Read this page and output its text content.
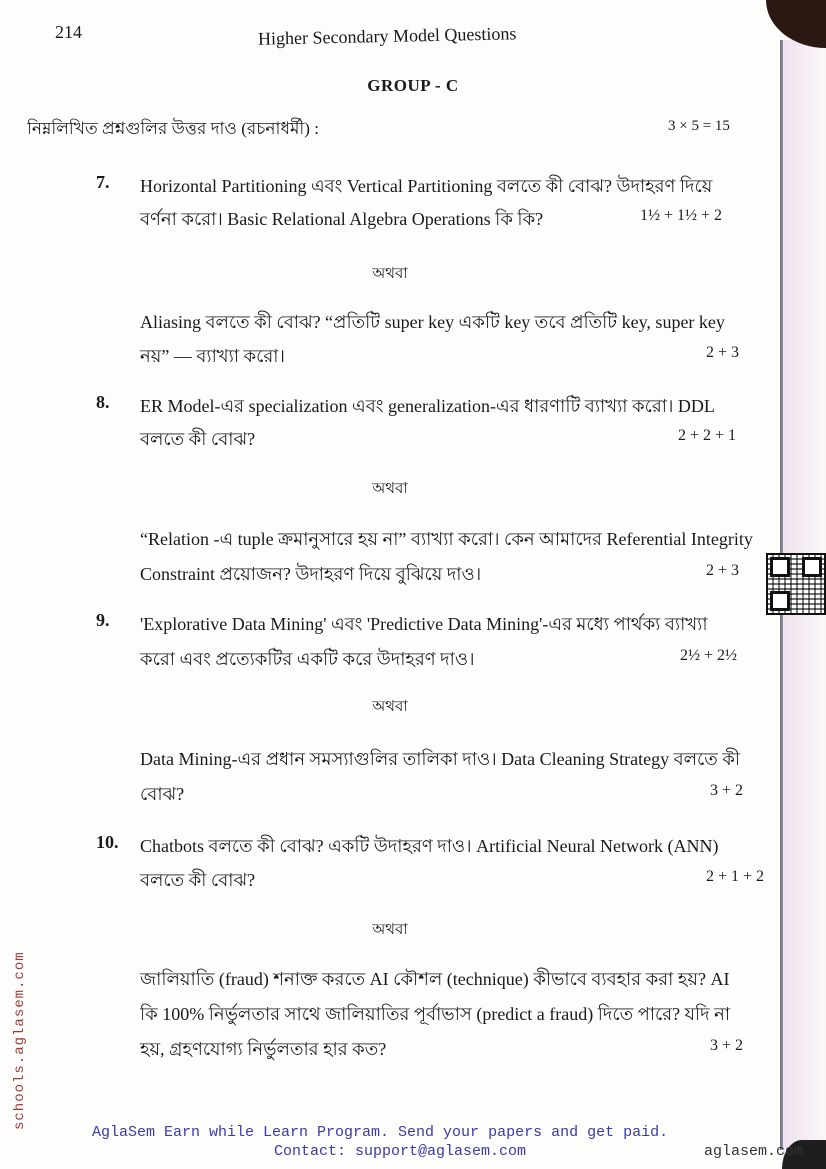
214	Higher Secondary Model Questions
GROUP - C
নিম্নলিখিত প্রশ্নগুলির উত্তর দাও (রচনাধর্মী) :	3 × 5 = 15
7. Horizontal Partitioning এবং Vertical Partitioning বলতে কী বোঝ? উদাহরণ দিয়ে
বর্ণনা করো। Basic Relational Algebra Operations কি কি?	1½ + 1½ + 2
অথবা
Aliasing বলতে কী বোঝ? “প্রতিটি super key একটি key তবে প্রতিটি key, super key
নয়” — ব্যাখ্যা করো।	2 + 3
8. ER Model-এর specialization এবং generalization-এর ধারণাটি ব্যাখ্যা করো। DDL
বলতে কী বোঝ?	2 + 2 + 1
অথবা
“Relation -এ tuple ক্রমানুসারে হয় না” ব্যাখ্যা করো। কেন আমাদের Referential Integrity
Constraint প্রয়োজন? উদাহরণ দিয়ে বুঝিয়ে দাও।	2 + 3
9. 'Explorative Data Mining' এবং 'Predictive Data Mining'-এর মধ্যে পার্থক্য ব্যাখ্যা
করো এবং প্রত্যেকটির একটি করে উদাহরণ দাও।	2½ + 2½
অথবা
Data Mining-এর প্রধান সমস্যাগুলির তালিকা দাও। Data Cleaning Strategy বলতে কী
বোঝ?	3 + 2
10. Chatbots বলতে কী বোঝ? একটি উদাহরণ দাও। Artificial Neural Network (ANN)
বলতে কী বোঝ?	2 + 1 + 2
অথবা
জালিয়াতি (fraud) শনাক্ত করতে AI কৌশল (technique) কীভাবে ব্যবহার করা হয়? AI
কি 100% নির্ভুলতার সাথে জালিয়াতির পূর্বাভাস (predict a fraud) দিতে পারে? যদি না
হয়, গ্রহণযোগ্য নির্ভুলতার হার কত?	3 + 2
schools.aglasem.com
AglaSem Earn while Learn Program. Send your papers and get paid.
Contact: support@aglasem.com	aglasem.com
